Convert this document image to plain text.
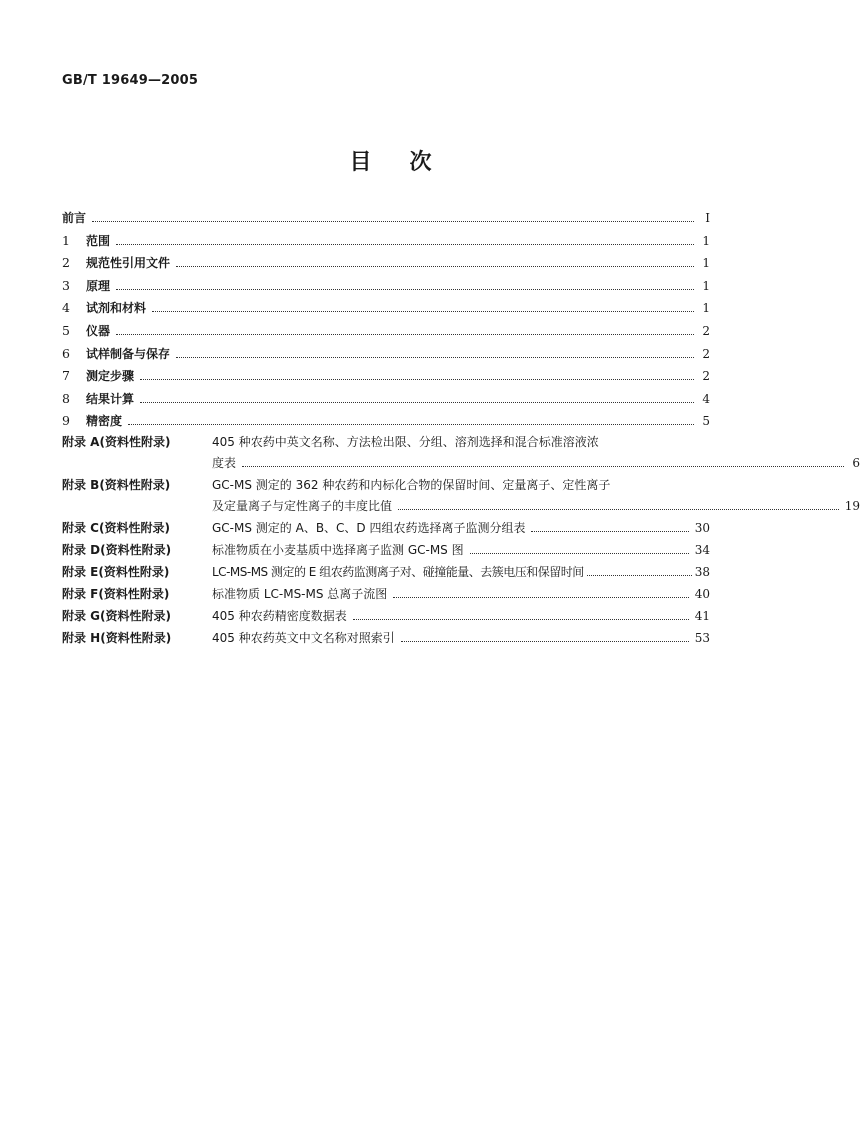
GB/T 19649—2005
目 次
前言	I
1	范围	1
2	规范性引用文件	1
3	原理	1
4	试剂和材料	1
5	仪器	2
6	试样制备与保存	2
7	测定步骤	2
8	结果计算	4
9	精密度	5
附录 A(资料性附录)	405 种农药中英文名称、方法检出限、分组、溶剂选择和混合标准溶液浓
度表	6
附录 B(资料性附录)	GC-MS 测定的 362 种农药和内标化合物的保留时间、定量离子、定性离子
及定量离子与定性离子的丰度比值	19
附录 C(资料性附录)	GC-MS 测定的 A、B、C、D 四组农药选择离子监测分组表	30
附录 D(资料性附录)	标准物质在小麦基质中选择离子监测 GC-MS 图	34
附录 E(资料性附录)	LC-MS-MS 测定的 E 组农药监测离子对、碰撞能量、去簇电压和保留时间	38
附录 F(资料性附录)	标准物质 LC-MS-MS 总离子流图	40
附录 G(资料性附录)	405 种农药精密度数据表	41
附录 H(资料性附录)	405 种农药英文中文名称对照索引	53
